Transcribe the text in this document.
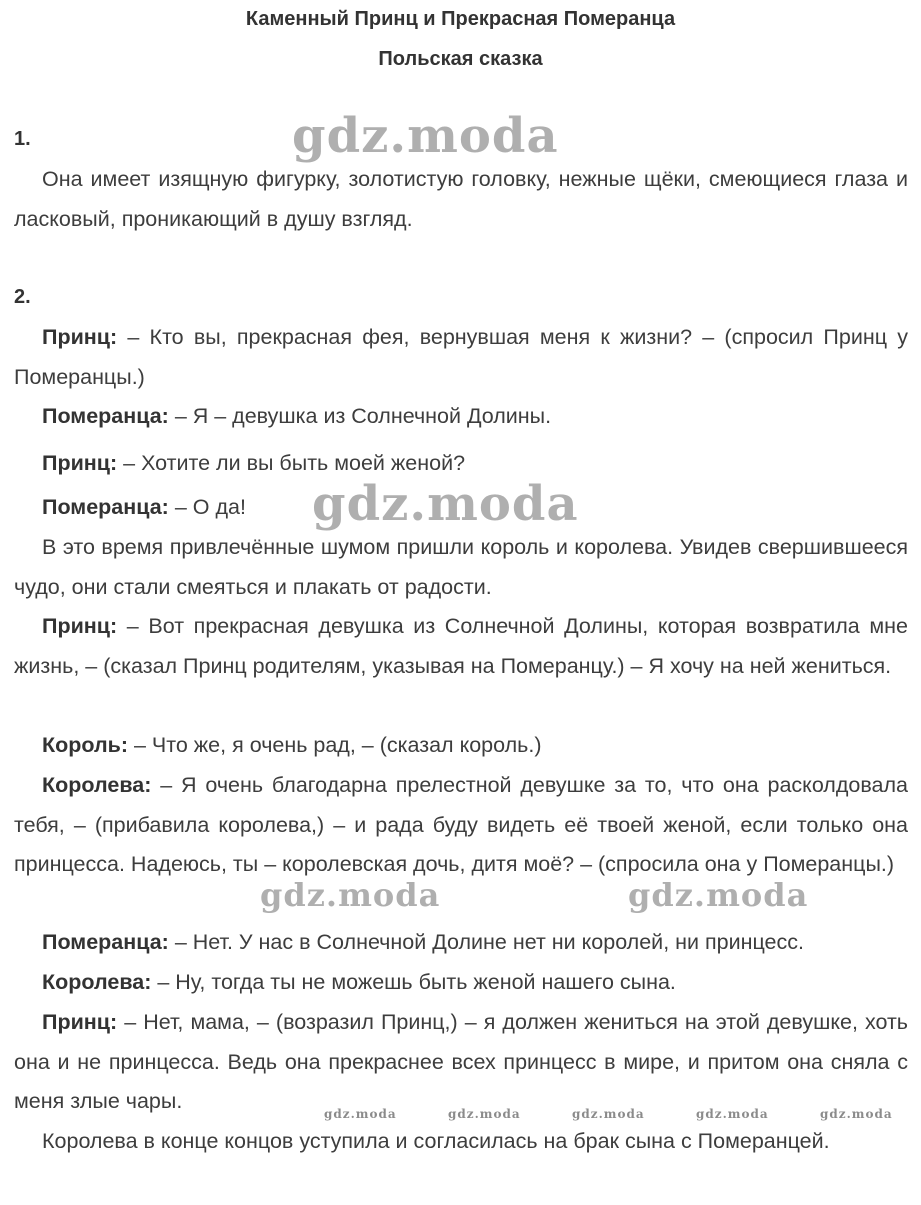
Каменный Принц и Прекрасная Померанца
Польская сказка
1.
2.

Она имеет изящную фигурку, золотистую головку, нежные щёки, смеющиеся глаза и ласковый, проникающий в душу взгляд.

Принц: – Кто вы, прекрасная фея, вернувшая меня к жизни? – (спросил Принц у Померанцы.)

Померанца: – Я – девушка из Солнечной Долины.

Принц: – Хотите ли вы быть моей женой?

Померанца: – О да!

В это время привлечённые шумом пришли король и королева. Увидев свершившееся чудо, они стали смеяться и плакать от радости.

Принц: – Вот прекрасная девушка из Солнечной Долины, которая возвратила мне жизнь, – (сказал Принц родителям, указывая на Померанцу.) – Я хочу на ней жениться.

Король: – Что же, я очень рад, – (сказал король.)

Королева: – Я очень благодарна прелестной девушке за то, что она расколдовала тебя, – (прибавила королева,) – и рада буду видеть её твоей женой, если только она принцесса. Надеюсь, ты – королевская дочь, дитя моё? – (спросила она у Померанцы.)

Померанца: – Нет. У нас в Солнечной Долине нет ни королей, ни принцесс.

Королева: – Ну, тогда ты не можешь быть женой нашего сына.

Принц: – Нет, мама, – (возразил Принц,) – я должен жениться на этой девушке, хоть она и не принцесса. Ведь она прекраснее всех принцесс в мире, и притом она сняла с меня злые чары.

Королева в конце концов уступила и согласилась на брак сына с Померанцей.

gdz.moda
gdz.moda
gdz.moda	gdz.moda
gdz.moda	gdz.moda	gdz.moda	gdz.moda	gdz.moda
